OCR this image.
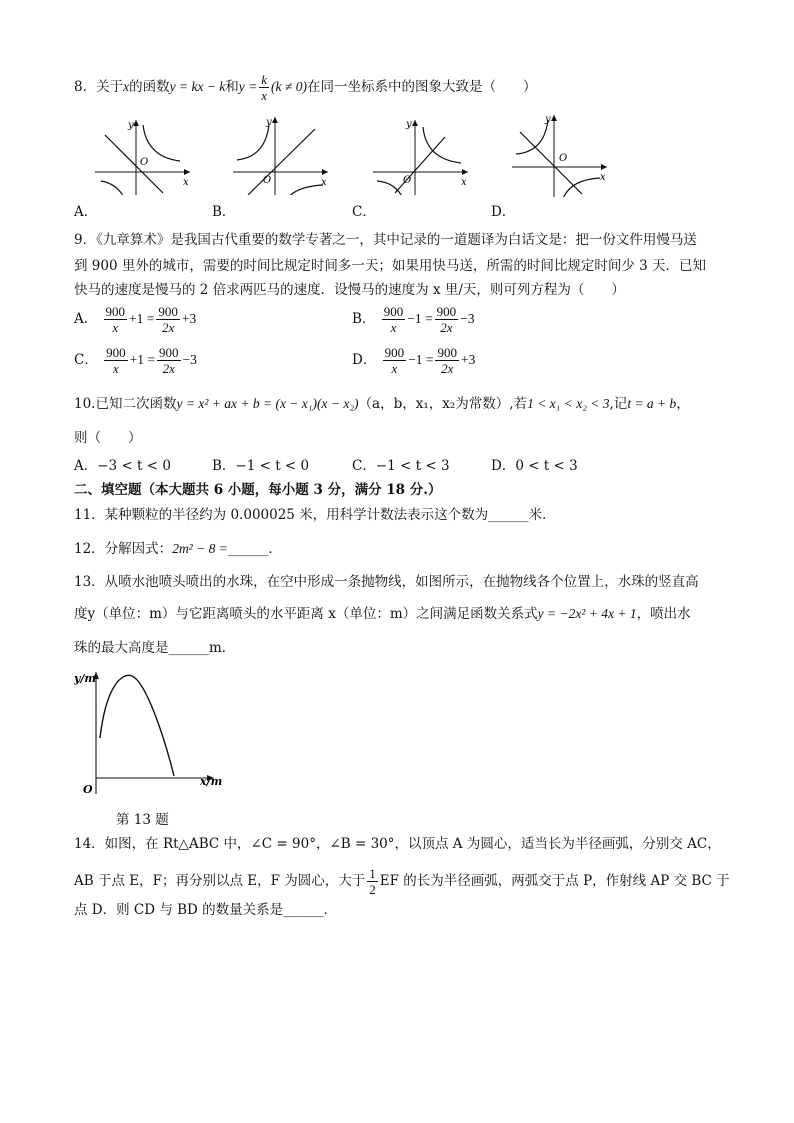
8．关于x的函数y = kx − k和$y = \frac{k}{x} (k \ne 0)$在同一坐标系中的图象大致是（　　）
y
x
O
A．
y
x
O
B．
y
x
O
C．
y
x
O
D．
9．《九章算术》是我国古代重要的数学专著之一，其中记录的一道题译为白话文是：把一份文件用慢马送
到 900 里外的城市，需要的时间比规定时间多一天；如果用快马送，所需的时间比规定时间少 3 天．已知
快马的速度是慢马的 2 倍求两匹马的速度．设慢马的速度为 x 里/天，则可列方程为（　　）
A． $\frac{900}{x} +1 = \frac{900}{2x} +3$	B． $\frac{900}{x} -1 = \frac{900}{2x} -3$
C． $\frac{900}{x} +1 = \frac{900}{2x} -3$	D． $\frac{900}{x} -1 = \frac{900}{2x} +3$
10.已知二次函数y = x² + ax + b = (x − x₁)(x − x₂)（a，b，x₁，x₂为常数）,若1 < x₁ < x₂ < 3,记t = a + b，
则（　　）
A．−3 < t < 0	B．−1 < t < 0	C．−1 < t < 3	D．0 < t < 3
二、填空题（本大题共 6 小题，每小题 3 分，满分 18 分.）
11．某种颗粒的半径约为 0.000025 米，用科学计数法表示这个数为______米．
12．分解因式：2m² − 8 =______．
13．从喷水池喷头喷出的水珠，在空中形成一条抛物线，如图所示，在抛物线各个位置上，水珠的竖直高
度y（单位：m）与它距离喷头的水平距离 x（单位：m）之间满足函数关系式y = −2x² + 4x + 1，喷出水
珠的最大高度是______m．
y/m
x/m
O
第 13 题
14．如图，在 Rt△ABC 中，∠C = 90°，∠B = 30°，以顶点 A 为圆心，适当长为半径画弧，分别交 AC，
AB 于点 E，F；再分别以点 E，F 为圆心，大于 $\frac{1}{2}$ EF 的长为半径画弧，两弧交于点 P，作射线 AP 交 BC 于
点 D．则 CD 与 BD 的数量关系是______．
